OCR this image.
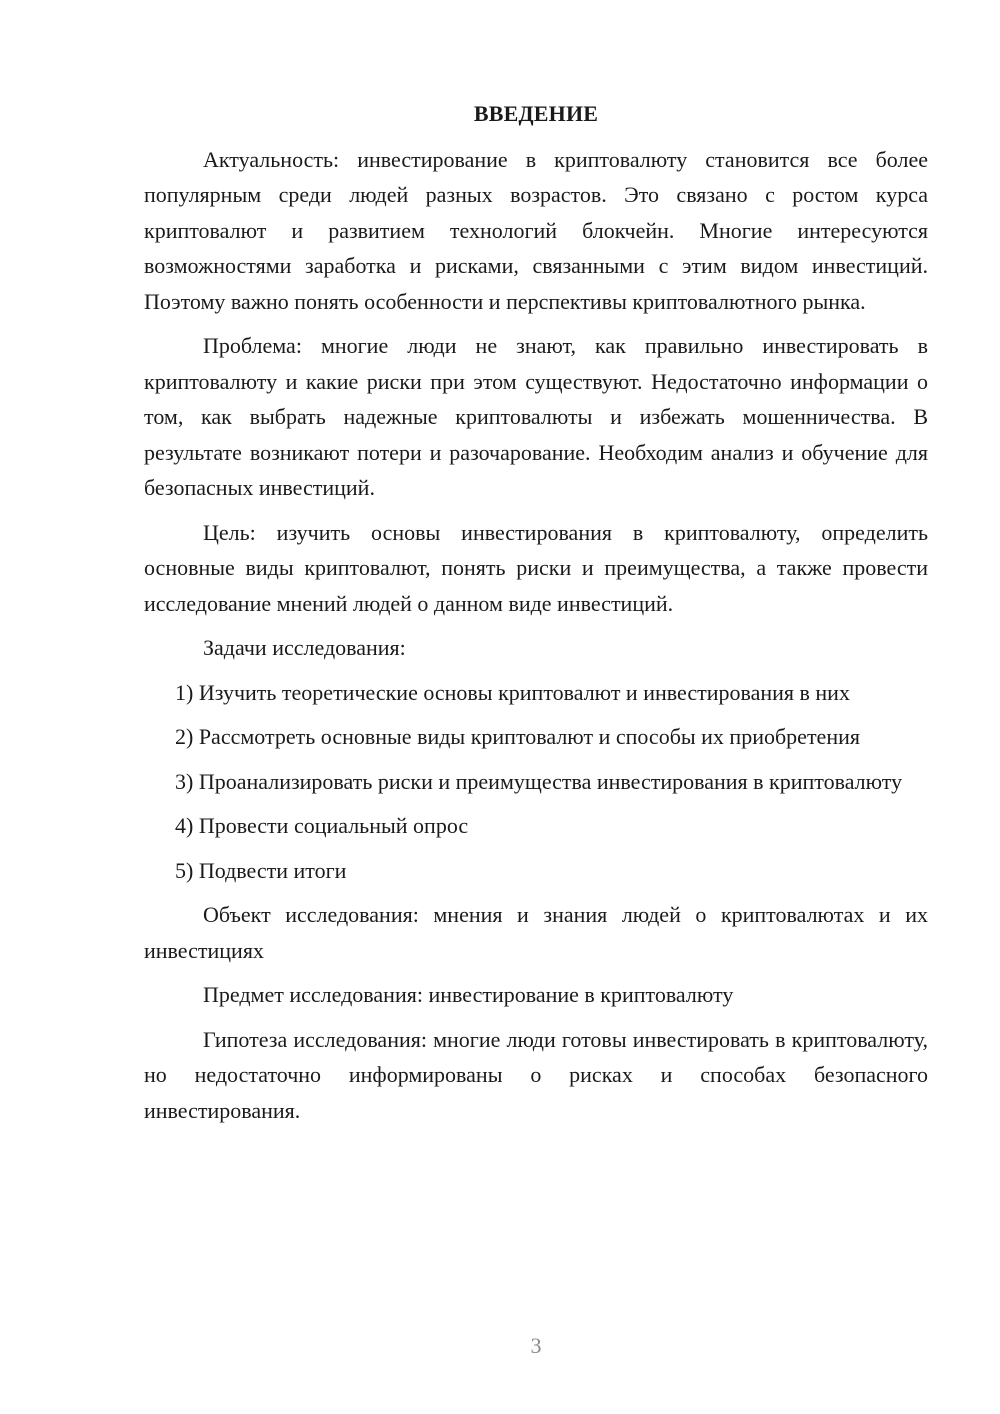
ВВЕДЕНИЕ

Актуальность: инвестирование в криптовалюту становится все более популярным среди людей разных возрастов. Это связано с ростом курса криптовалют и развитием технологий блокчейн. Многие интересуются возможностями заработка и рисками, связанными с этим видом инвестиций. Поэтому важно понять особенности и перспективы криптовалютного рынка.

Проблема: многие люди не знают, как правильно инвестировать в криптовалюту и какие риски при этом существуют. Недостаточно информации о том, как выбрать надежные криптовалюты и избежать мошенничества. В результате возникают потери и разочарование. Необходим анализ и обучение для безопасных инвестиций.

Цель: изучить основы инвестирования в криптовалюту, определить основные виды криптовалют, понять риски и преимущества, а также провести исследование мнений людей о данном виде инвестиций.

Задачи исследования:

1) Изучить теоретические основы криптовалют и инвестирования в них

2) Рассмотреть основные виды криптовалют и способы их приобретения

3) Проанализировать риски и преимущества инвестирования в криптовалюту

4) Провести социальный опрос

5) Подвести итоги

Объект исследования: мнения и знания людей о криптовалютах и их инвестициях

Предмет исследования: инвестирование в криптовалюту

Гипотеза исследования: многие люди готовы инвестировать в криптовалюту, но недостаточно информированы о рисках и способах безопасного инвестирования.

3
